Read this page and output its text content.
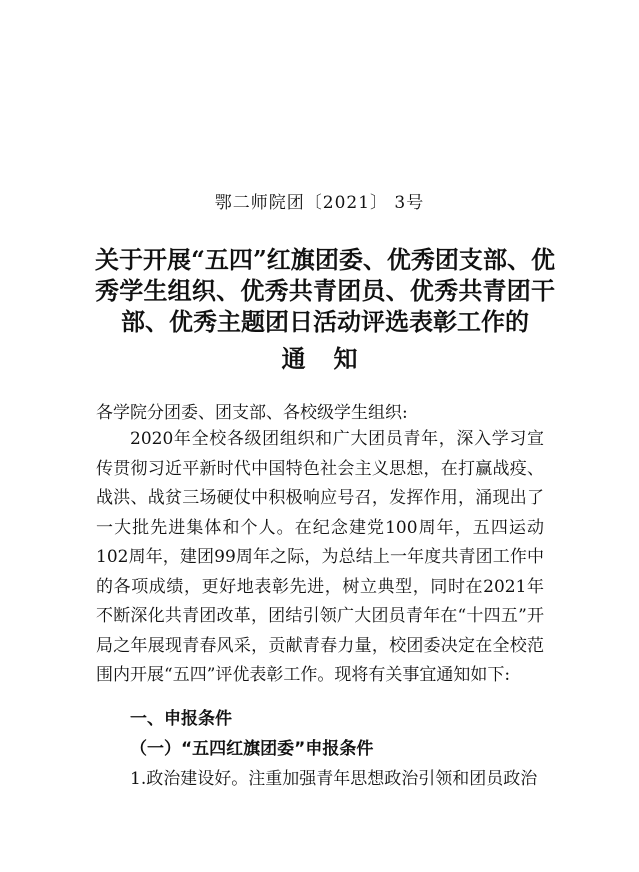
鄂二师院团〔2021〕 3号
关于开展“五四”红旗团委、优秀团支部、优秀学生组织、优秀共青团员、优秀共青团干部、优秀主题团日活动评选表彰工作的
通知
各学院分团委、团支部、各校级学生组织:
2020年全校各级团组织和广大团员青年，深入学习宣传贯彻习近平新时代中国特色社会主义思想，在打赢战疫、战洪、战贫三场硬仗中积极响应号召，发挥作用，涌现出了一大批先进集体和个人。在纪念建党100周年，五四运动102周年，建团99周年之际，为总结上一年度共青团工作中的各项成绩，更好地表彰先进，树立典型，同时在2021年不断深化共青团改革，团结引领广大团员青年在“十四五”开局之年展现青春风采，贡献青春力量，校团委决定在全校范围内开展“五四”评优表彰工作。现将有关事宜通知如下:
一、申报条件
（一）“五四红旗团委”申报条件
1.政治建设好。注重加强青年思想政治引领和团员政治
